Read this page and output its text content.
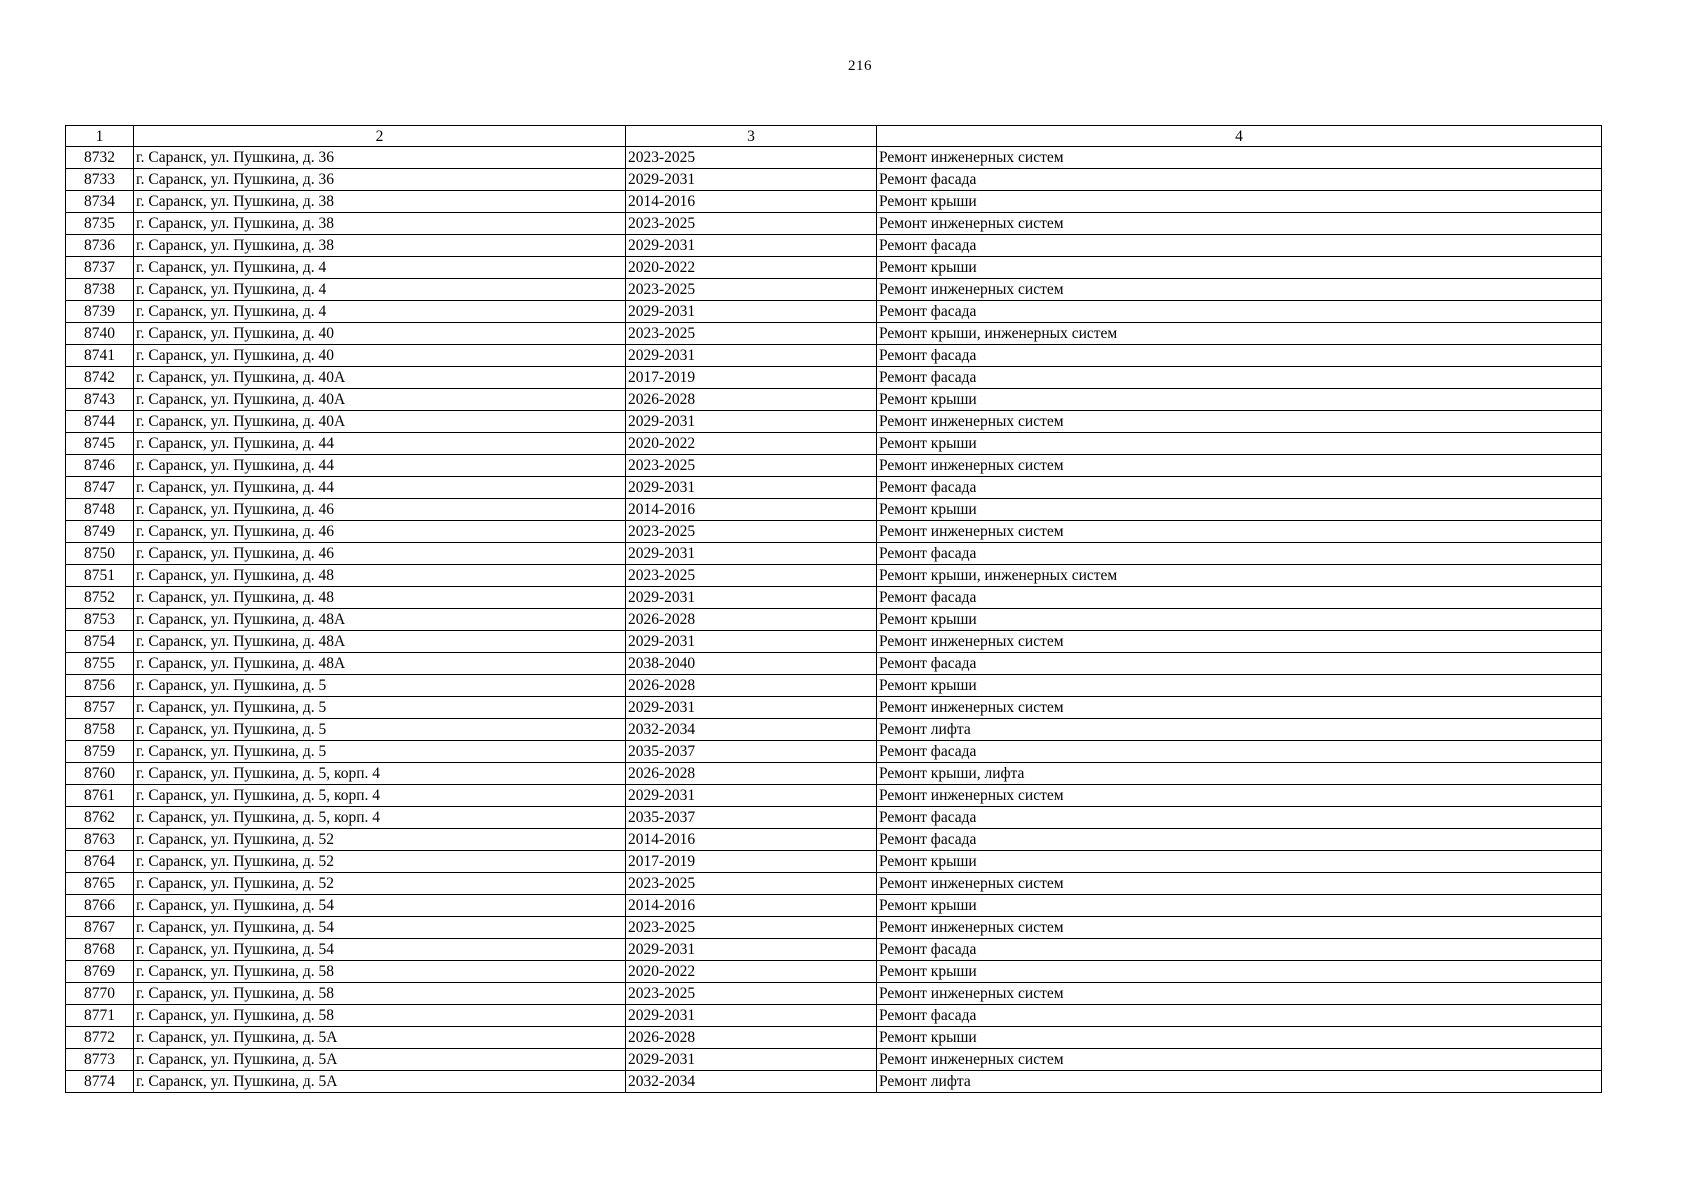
216
1	2	3	4
8732	г. Саранск, ул. Пушкина, д. 36	2023-2025	Ремонт инженерных систем
8733	г. Саранск, ул. Пушкина, д. 36	2029-2031	Ремонт фасада
8734	г. Саранск, ул. Пушкина, д. 38	2014-2016	Ремонт крыши
8735	г. Саранск, ул. Пушкина, д. 38	2023-2025	Ремонт инженерных систем
8736	г. Саранск, ул. Пушкина, д. 38	2029-2031	Ремонт фасада
8737	г. Саранск, ул. Пушкина, д. 4	2020-2022	Ремонт крыши
8738	г. Саранск, ул. Пушкина, д. 4	2023-2025	Ремонт инженерных систем
8739	г. Саранск, ул. Пушкина, д. 4	2029-2031	Ремонт фасада
8740	г. Саранск, ул. Пушкина, д. 40	2023-2025	Ремонт крыши, инженерных систем
8741	г. Саранск, ул. Пушкина, д. 40	2029-2031	Ремонт фасада
8742	г. Саранск, ул. Пушкина, д. 40А	2017-2019	Ремонт фасада
8743	г. Саранск, ул. Пушкина, д. 40А	2026-2028	Ремонт крыши
8744	г. Саранск, ул. Пушкина, д. 40А	2029-2031	Ремонт инженерных систем
8745	г. Саранск, ул. Пушкина, д. 44	2020-2022	Ремонт крыши
8746	г. Саранск, ул. Пушкина, д. 44	2023-2025	Ремонт инженерных систем
8747	г. Саранск, ул. Пушкина, д. 44	2029-2031	Ремонт фасада
8748	г. Саранск, ул. Пушкина, д. 46	2014-2016	Ремонт крыши
8749	г. Саранск, ул. Пушкина, д. 46	2023-2025	Ремонт инженерных систем
8750	г. Саранск, ул. Пушкина, д. 46	2029-2031	Ремонт фасада
8751	г. Саранск, ул. Пушкина, д. 48	2023-2025	Ремонт крыши, инженерных систем
8752	г. Саранск, ул. Пушкина, д. 48	2029-2031	Ремонт фасада
8753	г. Саранск, ул. Пушкина, д. 48А	2026-2028	Ремонт крыши
8754	г. Саранск, ул. Пушкина, д. 48А	2029-2031	Ремонт инженерных систем
8755	г. Саранск, ул. Пушкина, д. 48А	2038-2040	Ремонт фасада
8756	г. Саранск, ул. Пушкина, д. 5	2026-2028	Ремонт крыши
8757	г. Саранск, ул. Пушкина, д. 5	2029-2031	Ремонт инженерных систем
8758	г. Саранск, ул. Пушкина, д. 5	2032-2034	Ремонт лифта
8759	г. Саранск, ул. Пушкина, д. 5	2035-2037	Ремонт фасада
8760	г. Саранск, ул. Пушкина, д. 5, корп. 4	2026-2028	Ремонт крыши, лифта
8761	г. Саранск, ул. Пушкина, д. 5, корп. 4	2029-2031	Ремонт инженерных систем
8762	г. Саранск, ул. Пушкина, д. 5, корп. 4	2035-2037	Ремонт фасада
8763	г. Саранск, ул. Пушкина, д. 52	2014-2016	Ремонт фасада
8764	г. Саранск, ул. Пушкина, д. 52	2017-2019	Ремонт крыши
8765	г. Саранск, ул. Пушкина, д. 52	2023-2025	Ремонт инженерных систем
8766	г. Саранск, ул. Пушкина, д. 54	2014-2016	Ремонт крыши
8767	г. Саранск, ул. Пушкина, д. 54	2023-2025	Ремонт инженерных систем
8768	г. Саранск, ул. Пушкина, д. 54	2029-2031	Ремонт фасада
8769	г. Саранск, ул. Пушкина, д. 58	2020-2022	Ремонт крыши
8770	г. Саранск, ул. Пушкина, д. 58	2023-2025	Ремонт инженерных систем
8771	г. Саранск, ул. Пушкина, д. 58	2029-2031	Ремонт фасада
8772	г. Саранск, ул. Пушкина, д. 5А	2026-2028	Ремонт крыши
8773	г. Саранск, ул. Пушкина, д. 5А	2029-2031	Ремонт инженерных систем
8774	г. Саранск, ул. Пушкина, д. 5А	2032-2034	Ремонт лифта
